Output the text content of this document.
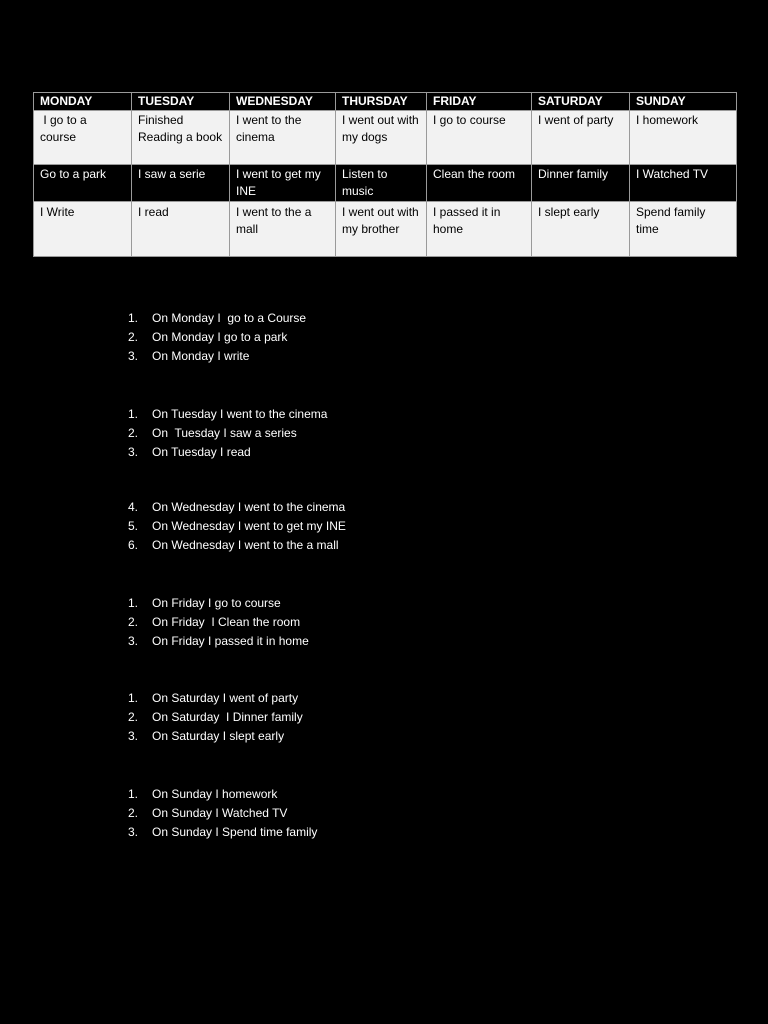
MONDAY	TUESDAY	WEDNESDAY	THURSDAY	FRIDAY	SATURDAY	SUNDAY
I go to a course	Finished Reading a book	I went to the cinema	I went out with my dogs	I go to course	I went of party	I homework
Go to a park	I saw a serie	I went to get my INE	Listen to music	Clean the room	Dinner family	I Watched TV
I Write	I read	I went to the a mall	I went out with my brother	I passed it in home	I slept early	Spend family time
1. On Monday I  go to a Course
2. On Monday I go to a park
3. On Monday I write
1. On Tuesday I went to the cinema
2. On  Tuesday I saw a series
3. On Tuesday I read
4. On Wednesday I went to the cinema
5. On Wednesday I went to get my INE
6. On Wednesday I went to the a mall
1. On Friday I go to course
2. On Friday  I Clean the room
3. On Friday I passed it in home
1. On Saturday I went of party
2. On Saturday  I Dinner family
3. On Saturday I slept early
1. On Sunday I homework
2. On Sunday I Watched TV
3. On Sunday I Spend time family
